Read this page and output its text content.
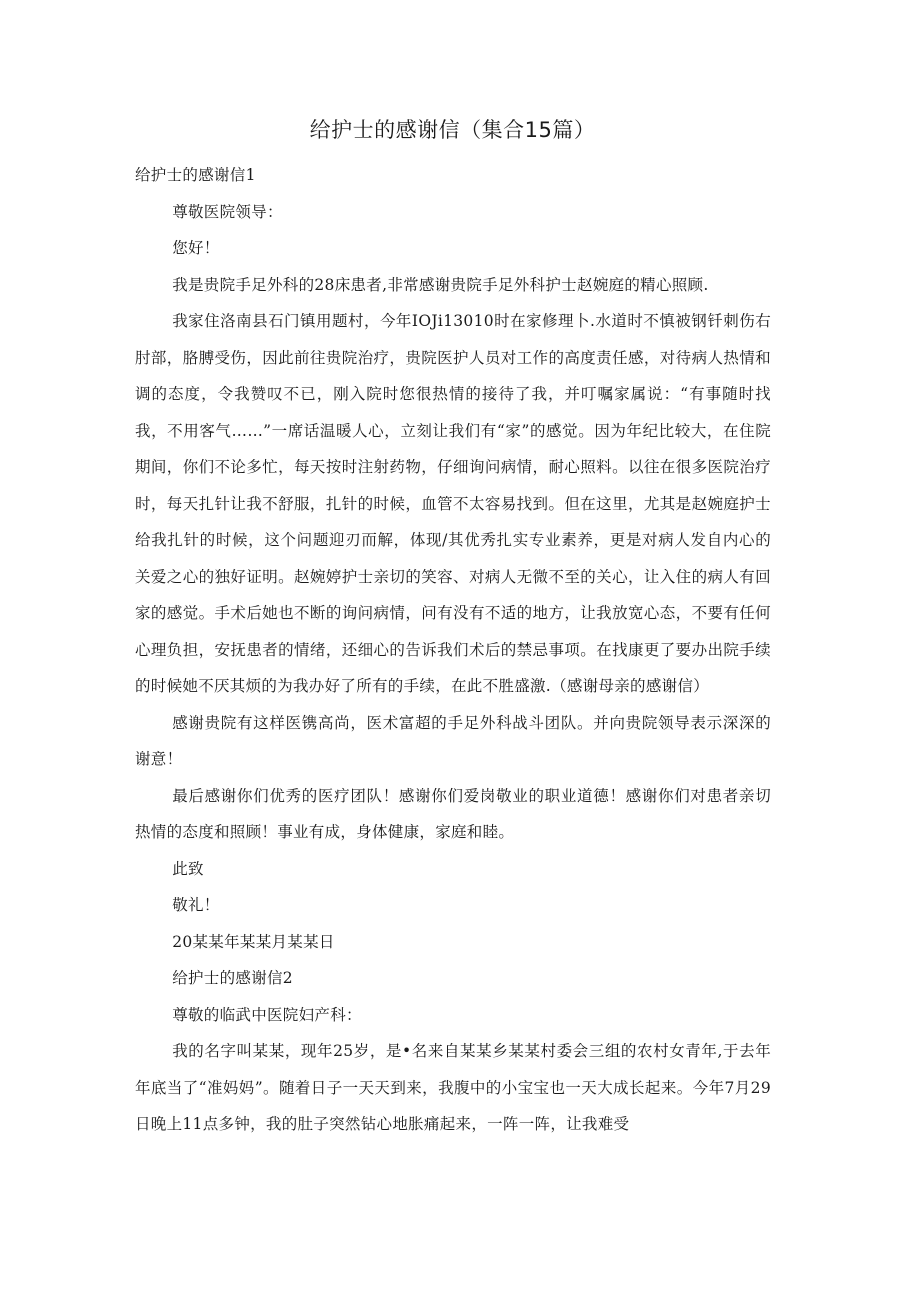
给护士的感谢信（集合15篇）

给护士的感谢信1

尊敬医院领导：

您好！

我是贵院手足外科的28床患者,非常感谢贵院手足外科护士赵婉庭的精心照顾.

我家住洛南县石门镇用题村，今年IOJi13010时在家修理卜.水道时不慎被钢钎刺伤右肘部，胳膊受伤，因此前往贵院治疗，贵院医护人员对工作的高度责任感，对待病人热情和调的态度，令我赞叹不已，刚入院时您很热情的接待了我，并叮嘱家属说：“有事随时找我，不用客气……”一席话温暖人心，立刻让我们有“家”的感觉。因为年纪比较大，在住院期间，你们不论多忙，每天按时注射药物，仔细询问病情，耐心照料。以往在很多医院治疗时，每天扎针让我不舒服，扎针的时候，血管不太容易找到。但在这里，尤其是赵婉庭护士给我扎针的时候，这个问题迎刃而解，体现/其优秀扎实专业素养，更是对病人发自内心的关爱之心的独好证明。赵婉婷护士亲切的笑容、对病人无微不至的关心，让入住的病人有回家的感觉。手术后她也不断的询问病情，问有没有不适的地方，让我放宽心态，不要有任何心理负担，安抚患者的情绪，还细心的告诉我们术后的禁忌事项。在找康更了要办出院手续的时候她不厌其烦的为我办好了所有的手续，在此不胜盛激.（感谢母亲的感谢信）

感谢贵院有这样医镌高尚，医术富超的手足外科战斗团队。并向贵院领导表示深深的谢意！

最后感谢你们优秀的医疗团队！感谢你们爱岗敬业的职业道德！感谢你们对患者亲切热情的态度和照顾！事业有成，身体健康，家庭和睦。

此致

敬礼！

20某某年某某月某某日

给护士的感谢信2

尊敬的临武中医院妇产科：

我的名字叫某某，现年25岁，是•名来自某某乡某某村委会三组的农村女青年,于去年年底当了“准妈妈”。随着日子一天天到来，我腹中的小宝宝也一天大成长起来。今年7月29日晚上11点多钟，我的肚子突然钻心地胀痛起来，一阵一阵，让我难受
